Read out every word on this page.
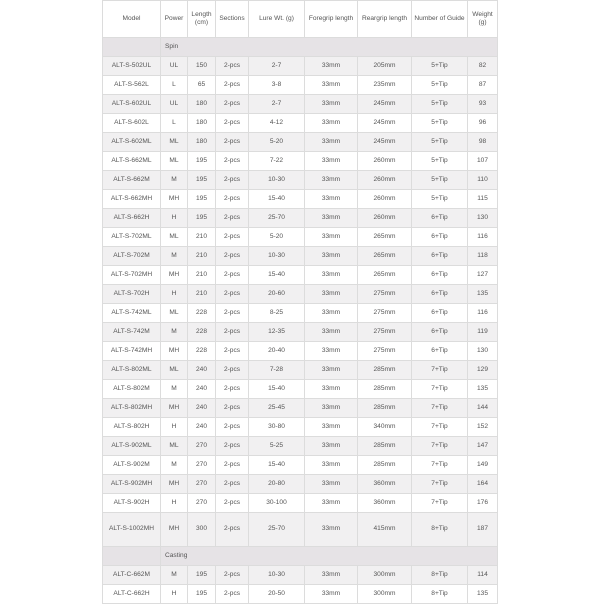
Model	Power	Length (cm)	Sections	Lure Wt. (g)	Foregrip length	Reargrip length	Number of Guide	Weight (g)
	Spin							
ALT-S-502UL	UL	150	2-pcs	2-7	33mm	205mm	5+Tip	82
ALT-S-562L	L	65	2-pcs	3-8	33mm	235mm	5+Tip	87
ALT-S-602UL	UL	180	2-pcs	2-7	33mm	245mm	5+Tip	93
ALT-S-602L	L	180	2-pcs	4-12	33mm	245mm	5+Tip	96
ALT-S-602ML	ML	180	2-pcs	5-20	33mm	245mm	5+Tip	98
ALT-S-662ML	ML	195	2-pcs	7-22	33mm	260mm	5+Tip	107
ALT-S-662M	M	195	2-pcs	10-30	33mm	260mm	5+Tip	110
ALT-S-662MH	MH	195	2-pcs	15-40	33mm	260mm	5+Tip	115
ALT-S-662H	H	195	2-pcs	25-70	33mm	260mm	6+Tip	130
ALT-S-702ML	ML	210	2-pcs	5-20	33mm	265mm	6+Tip	116
ALT-S-702M	M	210	2-pcs	10-30	33mm	265mm	6+Tip	118
ALT-S-702MH	MH	210	2-pcs	15-40	33mm	265mm	6+Tip	127
ALT-S-702H	H	210	2-pcs	20-60	33mm	275mm	6+Tip	135
ALT-S-742ML	ML	228	2-pcs	8-25	33mm	275mm	6+Tip	116
ALT-S-742M	M	228	2-pcs	12-35	33mm	275mm	6+Tip	119
ALT-S-742MH	MH	228	2-pcs	20-40	33mm	275mm	6+Tip	130
ALT-S-802ML	ML	240	2-pcs	7-28	33mm	285mm	7+Tip	129
ALT-S-802M	M	240	2-pcs	15-40	33mm	285mm	7+Tip	135
ALT-S-802MH	MH	240	2-pcs	25-45	33mm	285mm	7+Tip	144
ALT-S-802H	H	240	2-pcs	30-80	33mm	340mm	7+Tip	152
ALT-S-902ML	ML	270	2-pcs	5-25	33mm	285mm	7+Tip	147
ALT-S-902M	M	270	2-pcs	15-40	33mm	285mm	7+Tip	149
ALT-S-902MH	MH	270	2-pcs	20-80	33mm	360mm	7+Tip	164
ALT-S-902H	H	270	2-pcs	30-100	33mm	360mm	7+Tip	176
ALT-S-1002MH	MH	300	2-pcs	25-70	33mm	415mm	8+Tip	187
	Casting							
ALT-C-662M	M	195	2-pcs	10-30	33mm	300mm	8+Tip	114
ALT-C-662H	H	195	2-pcs	20-50	33mm	300mm	8+Tip	135
